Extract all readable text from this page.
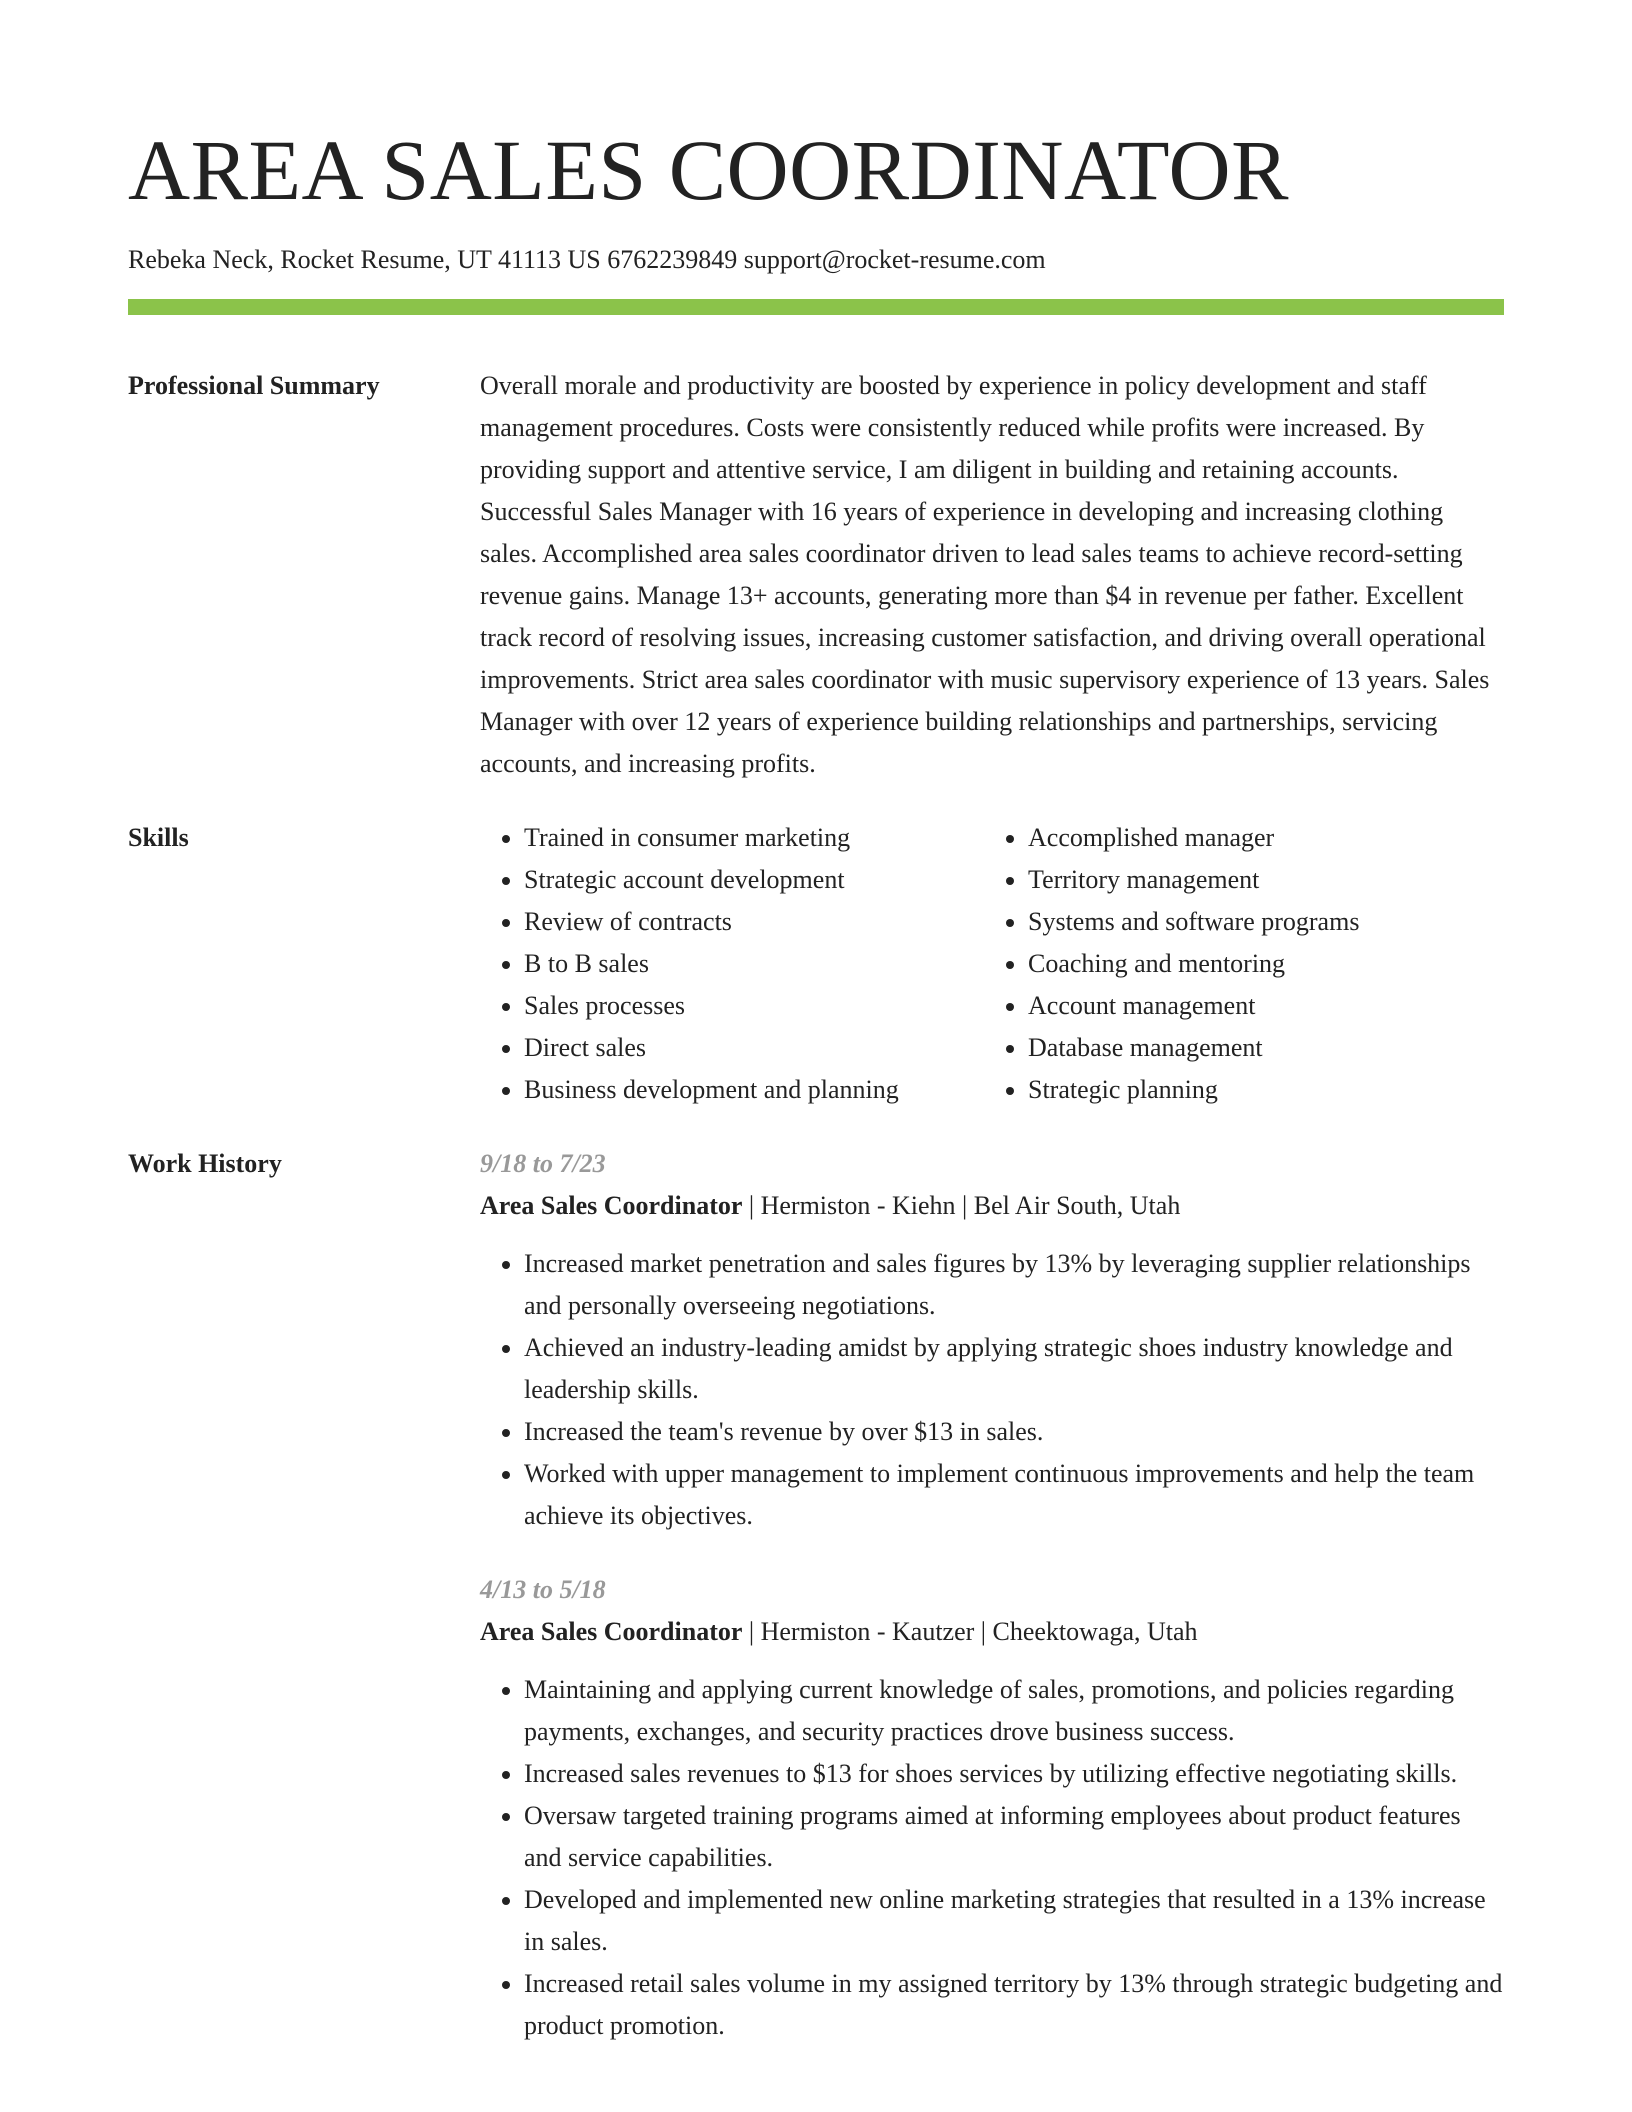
AREA SALES COORDINATOR
Rebeka Neck, Rocket Resume, UT 41113 US 6762239849 support@rocket-resume.com
Professional Summary	Overall morale and productivity are boosted by experience in policy development and staff management procedures. Costs were consistently reduced while profits were increased. By providing support and attentive service, I am diligent in building and retaining accounts. Successful Sales Manager with 16 years of experience in developing and increasing clothing sales. Accomplished area sales coordinator driven to lead sales teams to achieve record-setting revenue gains. Manage 13+ accounts, generating more than $4 in revenue per father. Excellent track record of resolving issues, increasing customer satisfaction, and driving overall operational improvements. Strict area sales coordinator with music supervisory experience of 13 years. Sales Manager with over 12 years of experience building relationships and partnerships, servicing accounts, and increasing profits.

Skills
•	Trained in consumer marketing
• Strategic account development
• Review of contracts
• B to B sales
• Sales processes
• Direct sales
• Business development and planning
• Accomplished manager
• Territory management
• Systems and software programs
• Coaching and mentoring
• Account management
• Database management
• Strategic planning
Work History	9/18 to 7/23
Area Sales Coordinator | Hermiston - Kiehn | Bel Air South, Utah
• Increased market penetration and sales figures by 13% by leveraging supplier relationships and personally overseeing negotiations.
• Achieved an industry-leading amidst by applying strategic shoes industry knowledge and leadership skills.
• Increased the team's revenue by over $13 in sales.
• Worked with upper management to implement continuous improvements and help the team achieve its objectives.
4/13 to 5/18
Area Sales Coordinator | Hermiston - Kautzer | Cheektowaga, Utah
• Maintaining and applying current knowledge of sales, promotions, and policies regarding payments, exchanges, and security practices drove business success.
• Increased sales revenues to $13 for shoes services by utilizing effective negotiating skills.
• Oversaw targeted training programs aimed at informing employees about product features and service capabilities.
• Developed and implemented new online marketing strategies that resulted in a 13% increase in sales.
• Increased retail sales volume in my assigned territory by 13% through strategic budgeting and product promotion.
